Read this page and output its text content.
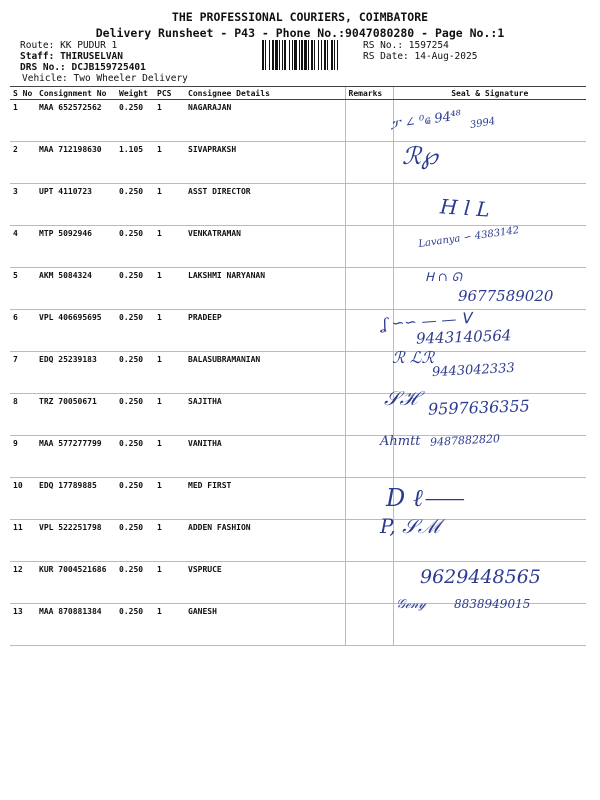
THE PROFESSIONAL COURIERS, COIMBATORE
Delivery Runsheet - P43 - Phone No.:9047080280 - Page No.:1
Route: KK PUDUR 1
Staff: THIRUSELVAN
DRS No.: DCJB159725401
Vehicle: Two Wheeler Delivery
RS No.: 1597254
RS Date: 14-Aug-2025
S No	Consignment No	Weight	PCS	Consignee Details	Remarks	Seal & Signature
1	MAA 652572562	0.250	1	NAGARAJAN		
2	MAA 712198630	1.105	1	SIVAPRAKSH		
3	UPT 4110723	0.250	1	ASST DIRECTOR		
4	MTP 5092946	0.250	1	VENKATRAMAN		
5	AKM 5084324	0.250	1	LAKSHMI NARYANAN		
6	VPL 406695695	0.250	1	PRADEEP		
7	EDQ 25239183	0.250	1	BALASUBRAMANIAN		
8	TRZ 70050671	0.250	1	SAJITHA		
9	MAA 577277799	0.250	1	VANITHA		
10	EDQ 17789885	0.250	1	MED FIRST		
11	VPL 522251798	0.250	1	ADDEN FASHION		
12	KUR 7004521686	0.250	1	VSPRUCE		
13	MAA 870881384	0.250	1	GANESH		
ፓ ∠ ⁰ҩ 94⁴⁸ 3994
ℛ℘
H l L
Lavanya ∽ 4383142
ᕼ ∩ ᘏ
9677589020
ʆ ∽∽ — — ᐯ
9443140564
ℛ ℒℛ
9443042333
𝒮ℋ 9597636355
Ahmtt 9487882820
D ℓ⸺
P, 𝒮ℳ
9629448565
𝒢ℯ𝓃𝓎 8838949015
